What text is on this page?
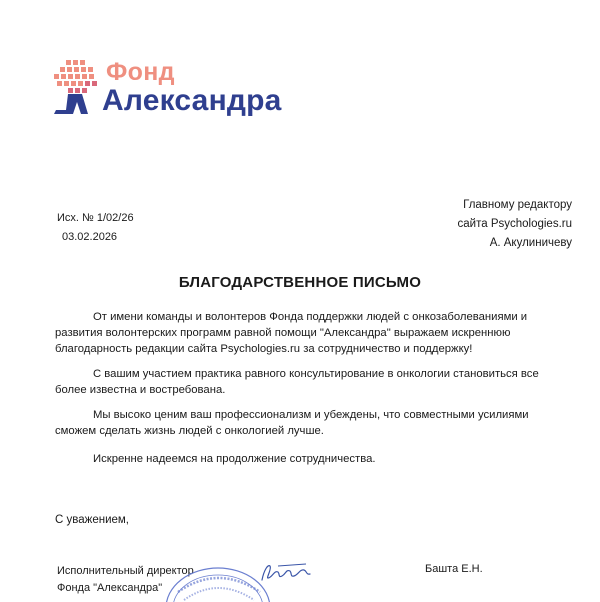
Фонд
Александра
Главному редактору
сайта Psychologies.ru
А. Акулиничеву
Исх. № 1/02/26
03.02.2026
БЛАГОДАРСТВЕННОЕ ПИСЬМО
От имени команды и волонтеров Фонда поддержки людей с онкозаболеваниями и развития волонтерских программ равной помощи "Александра" выражаем искреннюю благодарность редакции сайта Psychologies.ru за сотрудничество и поддержку!
С вашим участием практика равного консультирование в онкологии становиться все более известна и востребована.
Мы высоко ценим ваш профессионализм и убеждены, что совместными усилиями сможем сделать жизнь людей с онкологией лучше.
Искренне надеемся на продолжение сотрудничества.
С уважением,
Исполнительный директор
Фонда "Александра"
Башта Е.Н.
